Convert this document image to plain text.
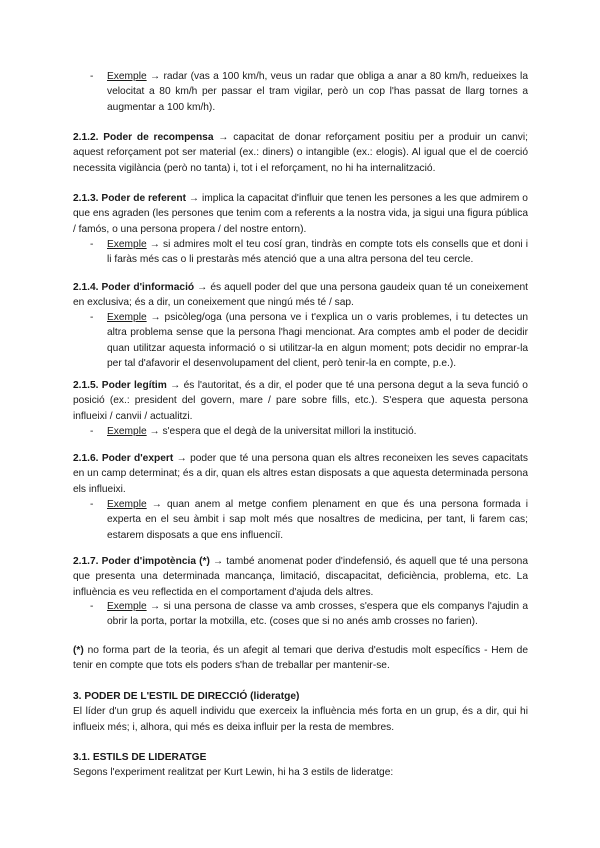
- Exemple → radar (vas a 100 km/h, veus un radar que obliga a anar a 80 km/h, redueixes la velocitat a 80 km/h per passar el tram vigilar, però un cop l'has passat de llarg tornes a augmentar a 100 km/h).

2.1.2. Poder de recompensa → capacitat de donar reforçament positiu per a produir un canvi; aquest reforçament pot ser material (ex.: diners) o intangible (ex.: elogis). Al igual que el de coerció necessita vigilància (però no tanta) i, tot i el reforçament, no hi ha internalització.

2.1.3. Poder de referent → implica la capacitat d'influir que tenen les persones a les que admirem o que ens agraden (les persones que tenim com a referents a la nostra vida, ja sigui una figura pública / famós, o una persona propera / del nostre entorn).

- Exemple → si admires molt el teu cosí gran, tindràs en compte tots els consells que et doni i li faràs més cas o li prestaràs més atenció que a una altra persona del teu cercle.

2.1.4. Poder d'informació → és aquell poder del que una persona gaudeix quan té un coneixement en exclusiva; és a dir, un coneixement que ningú més té / sap.

- Exemple → psicòleg/oga (una persona ve i t'explica un o varis problemes, i tu detectes un altra problema sense que la persona l'hagi mencionat. Ara comptes amb el poder de decidir quan utilitzar aquesta informació o si utilitzar-la en algun moment; pots decidir no emprar-la per tal d'afavorir el desenvolupament del client, però tenir-la en compte, p.e.).

2.1.5. Poder legítim → és l'autoritat, és a dir, el poder que té una persona degut a la seva funció o posició (ex.: president del govern, mare / pare sobre fills, etc.). S'espera que aquesta persona influeixi / canvii / actualitzi.

- Exemple → s'espera que el degà de la universitat millori la institució.

2.1.6. Poder d'expert → poder que té una persona quan els altres reconeixen les seves capacitats en un camp determinat; és a dir, quan els altres estan disposats a que aquesta determinada persona els influeixi.

- Exemple → quan anem al metge confiem plenament en que és una persona formada i experta en el seu àmbit i sap molt més que nosaltres de medicina, per tant, li farem cas; estarem disposats a que ens influenciï.

2.1.7. Poder d'impotència (*) → també anomenat poder d'indefensió, és aquell que té una persona que presenta una determinada mancança, limitació, discapacitat, deficiència, problema, etc. La influència es veu reflectida en el comportament d'ajuda dels altres.

- Exemple → si una persona de classe va amb crosses, s'espera que els companys l'ajudin a obrir la porta, portar la motxilla, etc. (coses que si no anés amb crosses no farien).

(*) no forma part de la teoria, és un afegit al temari que deriva d'estudis molt específics - Hem de tenir en compte que tots els poders s'han de treballar per mantenir-se.

3. PODER DE L'ESTIL DE DIRECCIÓ (lideratge)
El líder d'un grup és aquell individu que exerceix la influència més forta en un grup, és a dir, qui hi influeix més; i, alhora, qui més es deixa influir per la resta de membres.
3.1. ESTILS DE LIDERATGE
Segons l'experiment realitzat per Kurt Lewin, hi ha 3 estils de lideratge:
